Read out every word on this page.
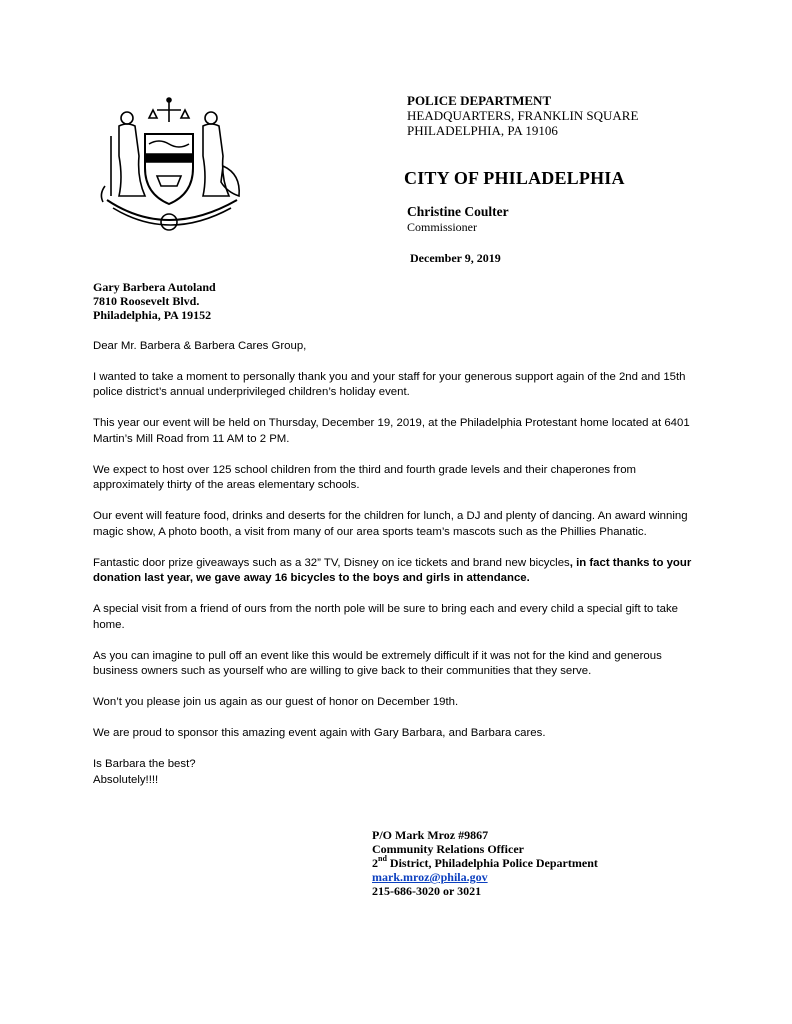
POLICE DEPARTMENT
HEADQUARTERS, FRANKLIN SQUARE
PHILADELPHIA, PA 19106
CITY OF PHILADELPHIA
Christine Coulter
Commissioner
December 9, 2019
Gary Barbera Autoland
7810 Roosevelt Blvd.
Philadelphia, PA 19152

Dear Mr. Barbera & Barbera Cares Group,

I wanted to take a moment to personally thank you and your staff for your generous support again of the 2nd and 15th police district’s annual underprivileged children’s holiday event.

This year our event will be held on Thursday, December 19, 2019, at the Philadelphia Protestant home located at 6401 Martin’s Mill Road from 11 AM to 2 PM.

We expect to host over 125 school children from the third and fourth grade levels and their chaperones from approximately thirty of the areas elementary schools.

Our event will feature food, drinks and deserts for the children for lunch, a DJ and plenty of dancing. An award winning magic show, A photo booth, a visit from many of our area sports team’s mascots such as the Phillies Phanatic.

Fantastic door prize giveaways such as a 32” TV, Disney on ice tickets and brand new bicycles, in fact thanks to your donation last year, we gave away 16 bicycles to the boys and girls in attendance.

A special visit from a friend of ours from the north pole will be sure to bring each and every child a special gift to take home.

As you can imagine to pull off an event like this would be extremely difficult if it was not for the kind and generous business owners such as yourself who are willing to give back to their communities that they serve.

Won’t you please join us again as our guest of honor on December 19th.

We are proud to sponsor this amazing event again with Gary Barbara, and Barbara cares.

Is Barbara the best?
Absolutely!!!!
P/O Mark Mroz #9867
Community Relations Officer
2nd District, Philadelphia Police Department
mark.mroz@phila.gov
215-686-3020 or 3021
